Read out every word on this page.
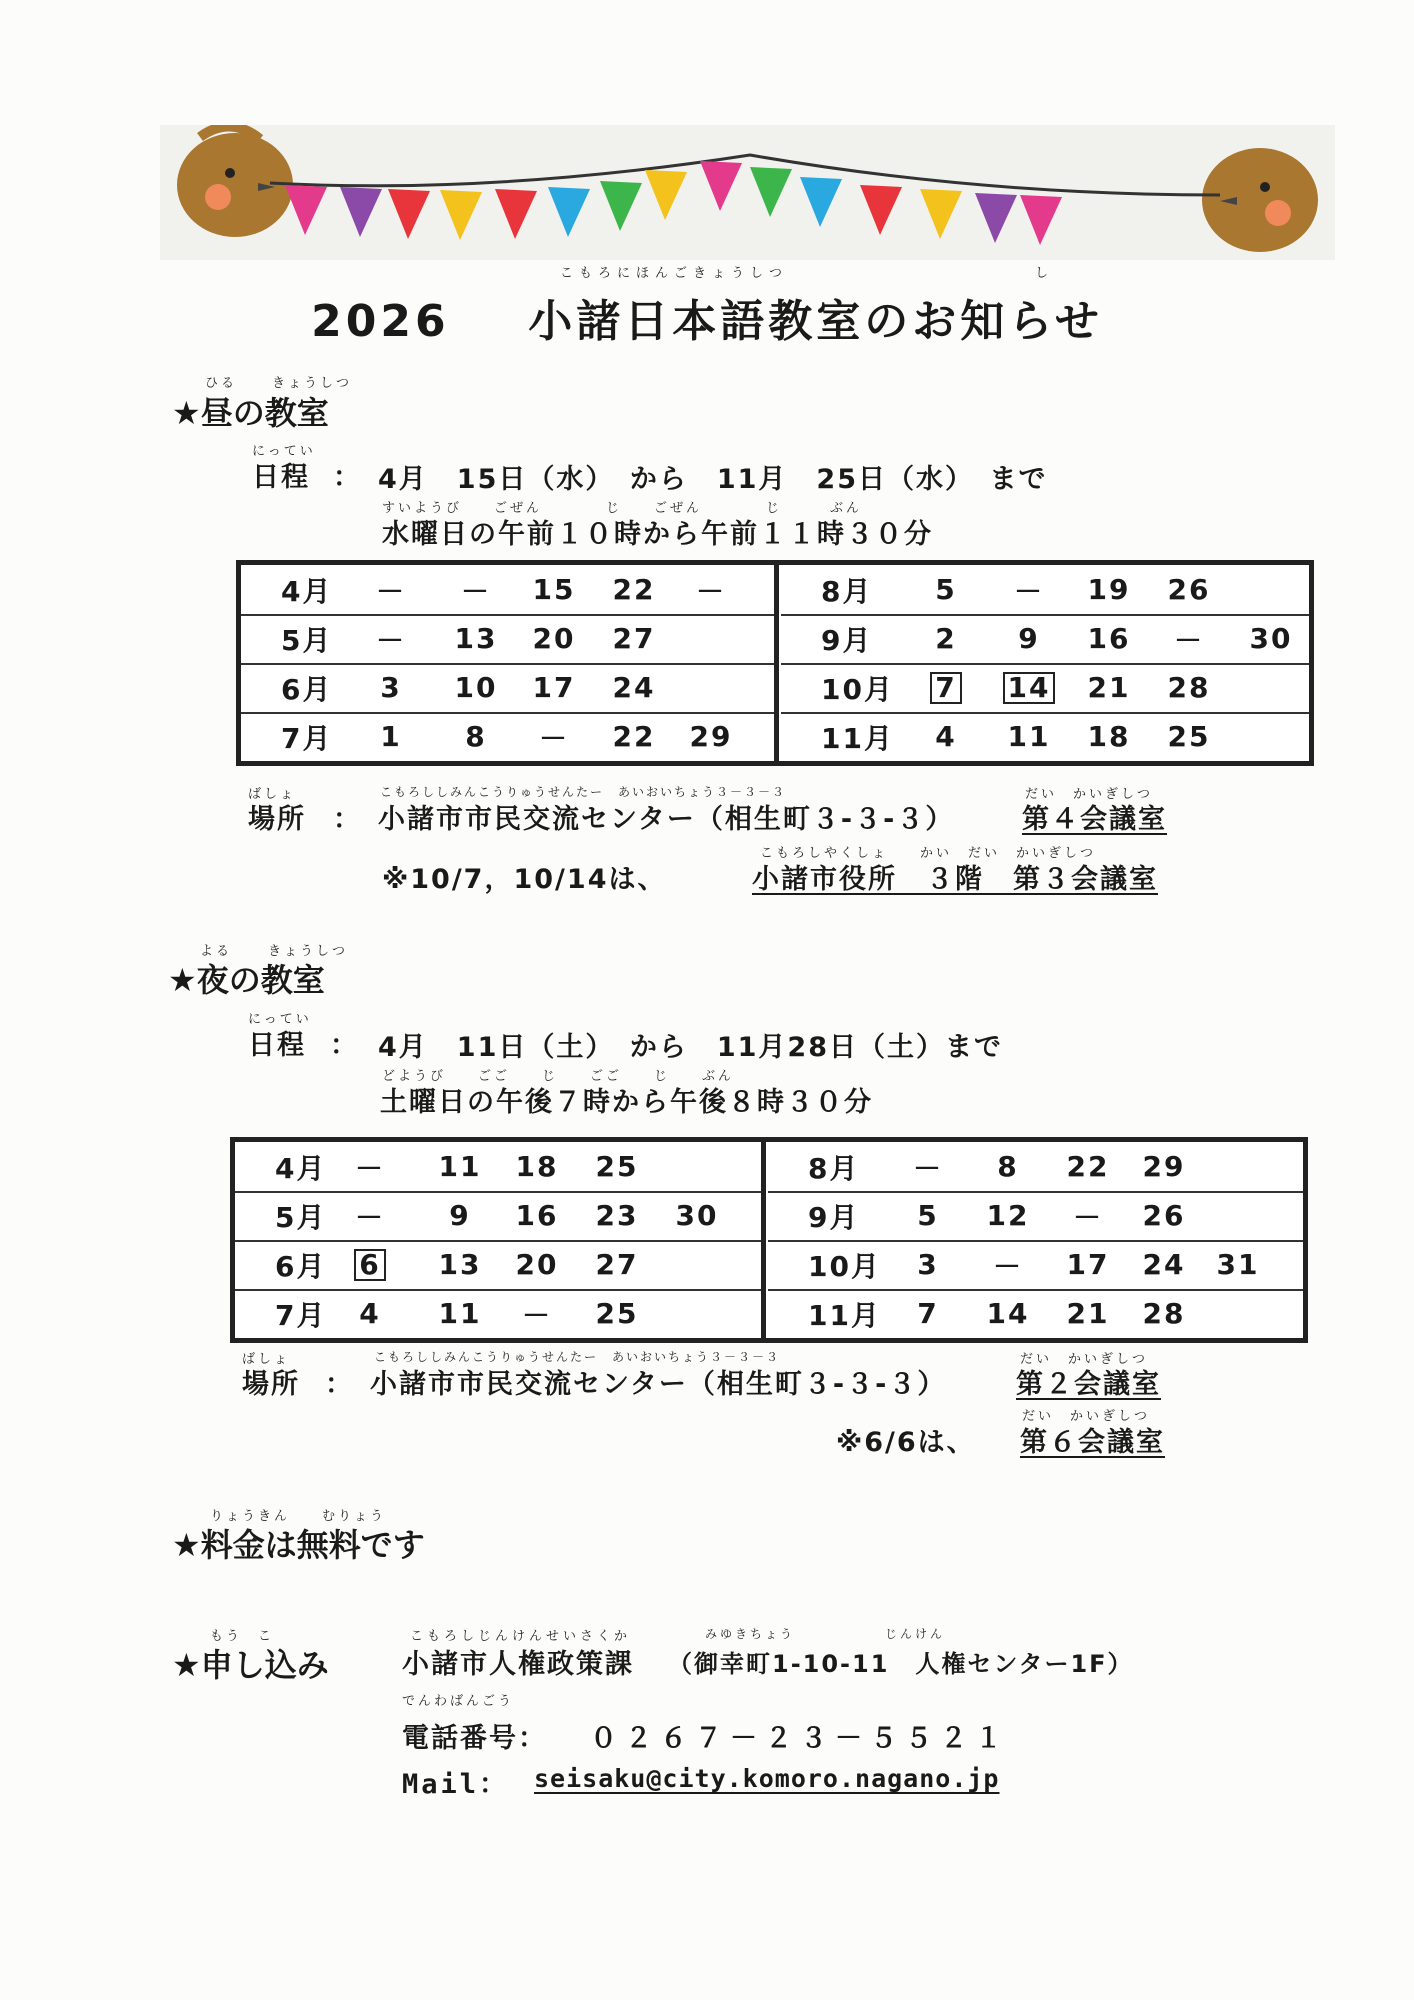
こもろにほんごきょうしつ	し
2026 小諸日本語教室のお知らせ
ひる	きょうしつ
★昼の教室
にってい
日程 ： 4月　15日（水）　から　11月　25日（水）　まで
すいようび　　ごぜん　　　　じ　　ごぜん　　　　じ　　　ぶん
水曜日の午前１０時から午前１１時３０分
4月	－	－	15	22	－
5月	－	13	20	27
6月	3	10	17	24
7月	1	8	－	22	29
8月	5	－	19	26
9月	2	9	16	－	30
10月 7 14	21	28
11月	4	11	18	25
ばしょ
場所 ：
こもろししみんこうりゅうせんたー　あいおいちょう３－３－３
小諸市市民交流センター（相生町３-３-３）
だい　かいぎしつ
第４会議室
※10/7，10/14は、
こもろしやくしょ　　かい　だい　かいぎしつ
小諸市役所　３階　第３会議室
よる	きょうしつ
★夜の教室
にってい
日程 ： 4月　11日（土）　から　11月28日（土）まで
どようび　　ごご　　じ　　ごご　　じ　　ぶん
土曜日の午後７時から午後８時３０分
4月	－	11	18	25
5月	－	9	16	23	30
6月 6	13	20	27
7月	4	11	－	25
8月	－	8	22	29
9月	5	12	－	26
10月	3	－	17	24	31
11月	7	14	21	28
ばしょ
場所 ：
こもろししみんこうりゅうせんたー　あいおいちょう３－３－３
小諸市市民交流センター（相生町３-３-３）
だい　かいぎしつ
第２会議室
※6/6は、
だい　かいぎしつ
第６会議室
りょうきん　　むりょう
★料金は無料です
もう　こ
★申し込み
こもろしじんけんせいさくか
小諸市人権政策課
みゆきちょう　　　　　　じんけん
（御幸町1-10-11　人権センター1F）
でんわばんごう
電話番号： ０２６７－２３－５５２１
Mail： seisaku@city.komoro.nagano.jp
